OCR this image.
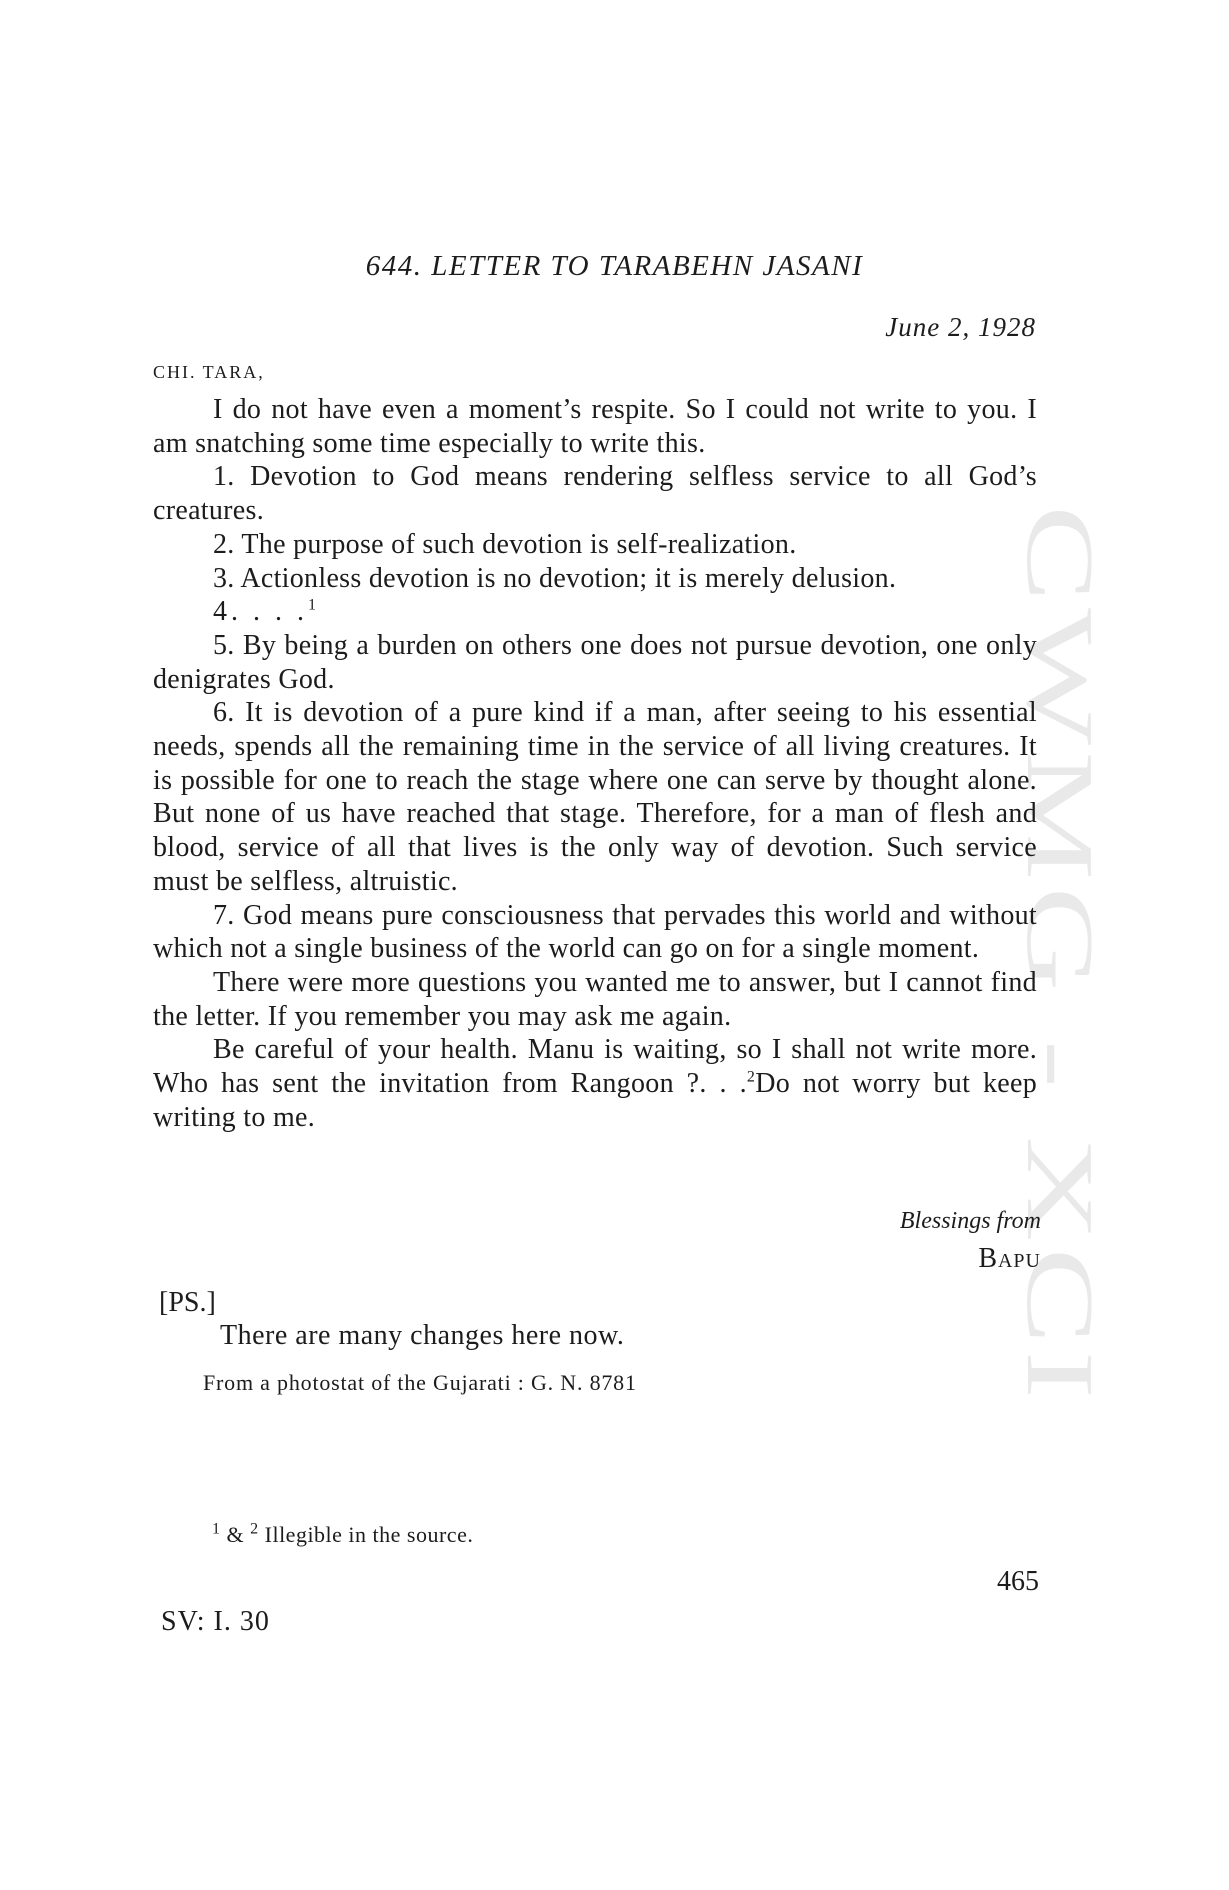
CWMG - XCI
644. LETTER TO TARABEHN JASANI
June 2, 1928
CHI. TARA,

I do not have even a moment’s respite. So I could not write to you. I am snatching some time especially to write this.

1. Devotion to God means rendering selfless service to all God’s creatures.

2. The purpose of such devotion is self-realization.

3. Actionless devotion is no devotion; it is merely delusion.

4. . . .$^1$

5. By being a burden on others one does not pursue devotion, one only denigrates God.

6. It is devotion of a pure kind if a man, after seeing to his essential needs, spends all the remaining time in the service of all living creatures. It is possible for one to reach the stage where one can serve by thought alone. But none of us have reached that stage. Therefore, for a man of flesh and blood, service of all that lives is the only way of devotion. Such service must be selfless, altruistic.

7. God means pure consciousness that pervades this world and without which not a single business of the world can go on for a single moment.

There were more questions you wanted me to answer, but I cannot find the letter. If you remember you may ask me again.

Be careful of your health. Manu is waiting, so I shall not write more. Who has sent the invitation from Rangoon ?. . .$^2$Do not worry but keep writing to me.

Blessings from
Bapu
[PS.]
There are many changes here now.
From a photostat of the Gujarati : G. N. 8781
$^1$ & $^2$ Illegible in the source.
465
SV: I. 30
